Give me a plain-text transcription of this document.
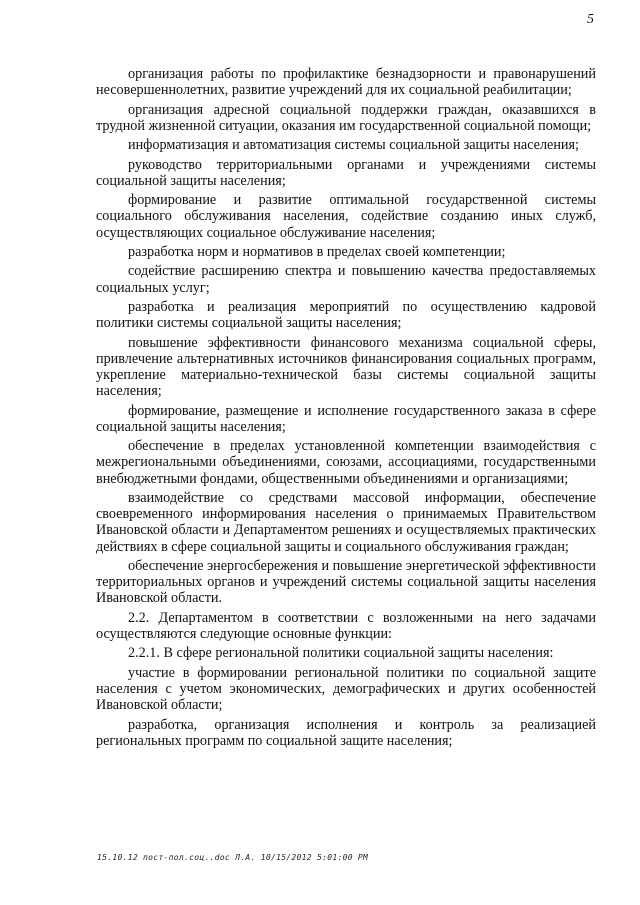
5

организация работы по профилактике безнадзорности и правонарушений несовершеннолетних, развитие учреждений для их социальной реабилитации;

организация адресной социальной поддержки граждан, оказавшихся в трудной жизненной ситуации, оказания им государственной социальной помощи;

информатизация и автоматизация системы социальной защиты населения;

руководство территориальными органами и учреждениями системы социальной защиты населения;

формирование и развитие оптимальной государственной системы социального обслуживания населения, содействие созданию иных служб, осуществляющих социальное обслуживание населения;

разработка норм и нормативов в пределах своей компетенции;

содействие расширению спектра и повышению качества предоставляемых социальных услуг;

разработка и реализация мероприятий по осуществлению кадровой политики системы социальной защиты населения;

повышение эффективности финансового механизма социальной сферы, привлечение альтернативных источников финансирования социальных программ, укрепление материально-технической базы системы социальной защиты населения;

формирование, размещение и исполнение государственного заказа в сфере социальной защиты населения;

обеспечение в пределах установленной компетенции взаимодействия с межрегиональными объединениями, союзами, ассоциациями, государственными внебюджетными фондами, общественными объединениями и организациями;

взаимодействие со средствами массовой информации, обеспечение своевременного информирования населения о принимаемых Правительством Ивановской области и Департаментом решениях и осуществляемых практических действиях в сфере социальной защиты и социального обслуживания граждан;

обеспечение энергосбережения и повышение энергетической эффективности территориальных органов и учреждений системы социальной защиты населения Ивановской области.

2.2. Департаментом в соответствии с возложенными на него задачами осуществляются следующие основные функции:

2.2.1. В сфере региональной политики социальной защиты населения:

участие в формировании региональной политики по социальной защите населения с учетом экономических, демографических и других особенностей Ивановской области;

разработка, организация исполнения и контроль за реализацией региональных программ по социальной защите населения;

15.10.12 пост-пол.соц..doc Л.А. 10/15/2012 5:01:00 PM
